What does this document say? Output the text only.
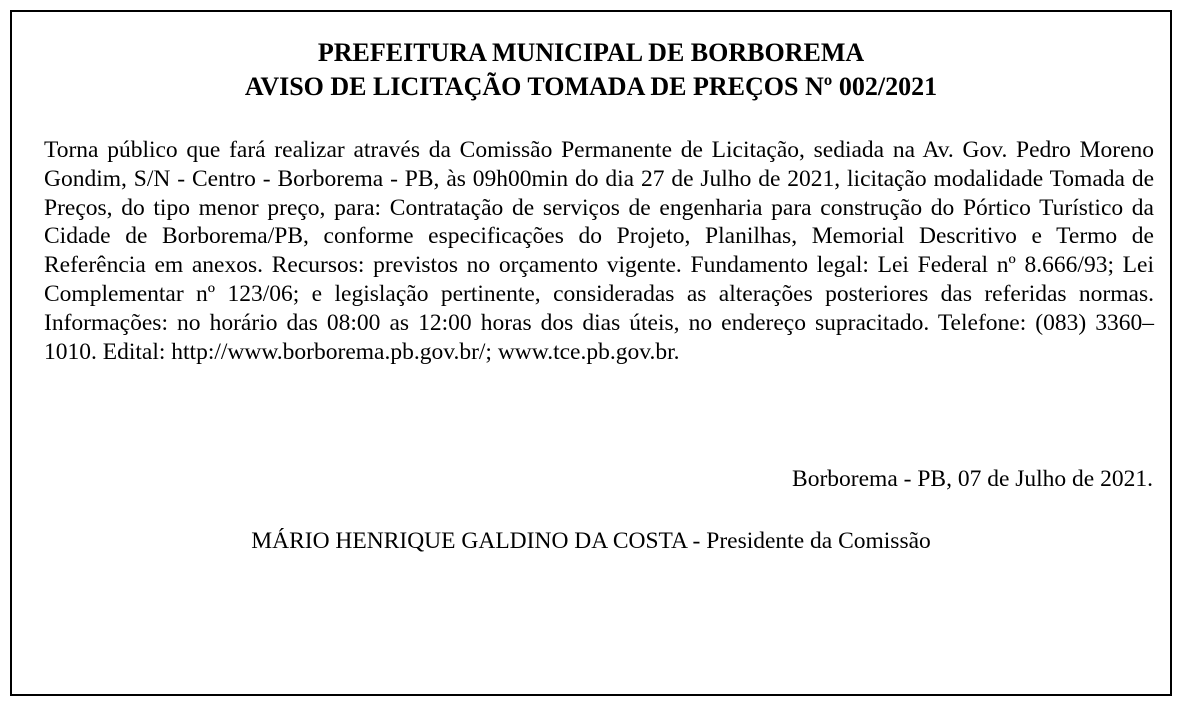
PREFEITURA MUNICIPAL DE BORBOREMA
AVISO DE LICITAÇÃO TOMADA DE PREÇOS Nº 002/2021

Torna público que fará realizar através da Comissão Permanente de Licitação, sediada na Av. Gov. Pedro Moreno Gondim, S/N - Centro - Borborema - PB, às 09h00min do dia 27 de Julho de 2021, licitação modalidade Tomada de Preços, do tipo menor preço, para: Contratação de serviços de engenharia para construção do Pórtico Turístico da Cidade de Borborema/PB, conforme especificações do Projeto, Planilhas, Memorial Descritivo e Termo de Referência em anexos. Recursos: previstos no orçamento vigente. Fundamento legal: Lei Federal nº 8.666/93; Lei Complementar nº 123/06; e legislação pertinente, consideradas as alterações posteriores das referidas normas. Informações: no horário das 08:00 as 12:00 horas dos dias úteis, no endereço supracitado. Telefone: (083) 3360–1010. Edital: http://www.borborema.pb.gov.br/; www.tce.pb.gov.br.

Borborema - PB, 07 de Julho de 2021.
MÁRIO HENRIQUE GALDINO DA COSTA - Presidente da Comissão
